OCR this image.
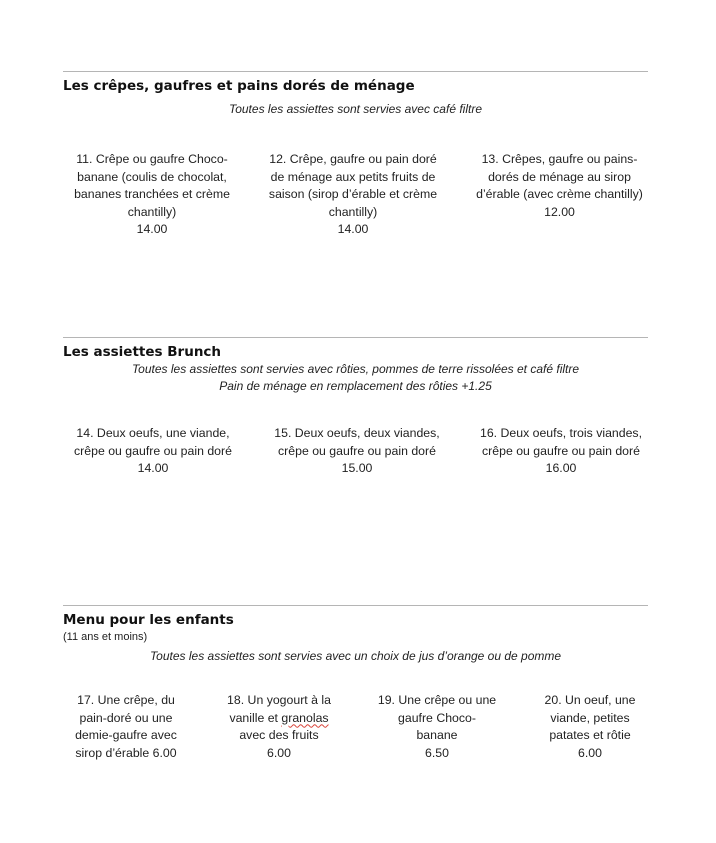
Les crêpes, gaufres et pains dorés de ménage
Toutes les assiettes sont servies avec café filtre
11. Crêpe ou gaufre Choco-
banane (coulis de chocolat,
bananes tranchées et crème
chantilly)
14.00
12. Crêpe, gaufre ou pain doré
de ménage aux petits fruits de
saison (sirop d’érable et crème
chantilly)
14.00
13. Crêpes, gaufre ou pains-
dorés de ménage au sirop
d’érable (avec crème chantilly)
12.00
Les assiettes Brunch
Toutes les assiettes sont servies avec rôties, pommes de terre rissolées et café filtre
Pain de ménage en remplacement des rôties +1.25
14. Deux oeufs, une viande,
crêpe ou gaufre ou pain doré
14.00
15. Deux oeufs, deux viandes,
crêpe ou gaufre ou pain doré
15.00
16. Deux oeufs, trois viandes,
crêpe ou gaufre ou pain doré
16.00
Menu pour les enfants
(11 ans et moins)
Toutes les assiettes sont servies avec un choix de jus d’orange ou de pomme
17. Une crêpe, du
pain-doré ou une
demie-gaufre avec
sirop d’érable 6.00
18. Un yogourt à la
vanille et granolas
avec des fruits
6.00
19. Une crêpe ou une
gaufre Choco-
banane
6.50
20. Un oeuf, une
viande, petites
patates et rôtie
6.00
